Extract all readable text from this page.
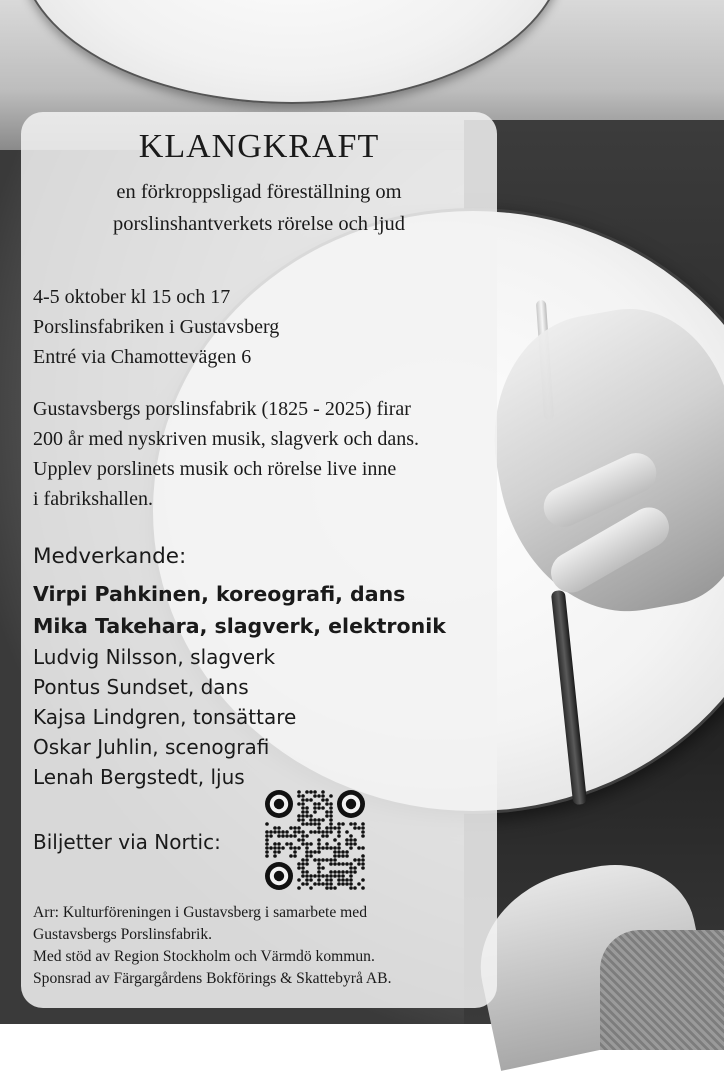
KLANGKRAFT
en förkroppsligad föreställning om
porslinshantverkets rörelse och ljud
4-5 oktober kl 15 och 17
Porslinsfabriken i Gustavsberg
Entré via Chamottevägen 6
Gustavsbergs porslinsfabrik (1825 - 2025) firar
200 år med nyskriven musik, slagverk och dans.
Upplev porslinets musik och rörelse live inne
i fabrikshallen.
Medverkande:
Virpi Pahkinen, koreografi, dans
Mika Takehara, slagverk, elektronik
Ludvig Nilsson, slagverk
Pontus Sundset, dans
Kajsa Lindgren, tonsättare
Oskar Juhlin, scenografi
Lenah Bergstedt, ljus
Biljetter via Nortic:
Arr: Kulturföreningen i Gustavsberg i samarbete med
Gustavsbergs Porslinsfabrik.
Med stöd av Region Stockholm och Värmdö kommun.
Sponsrad av Färgargårdens Bokförings & Skattebyrå AB.
